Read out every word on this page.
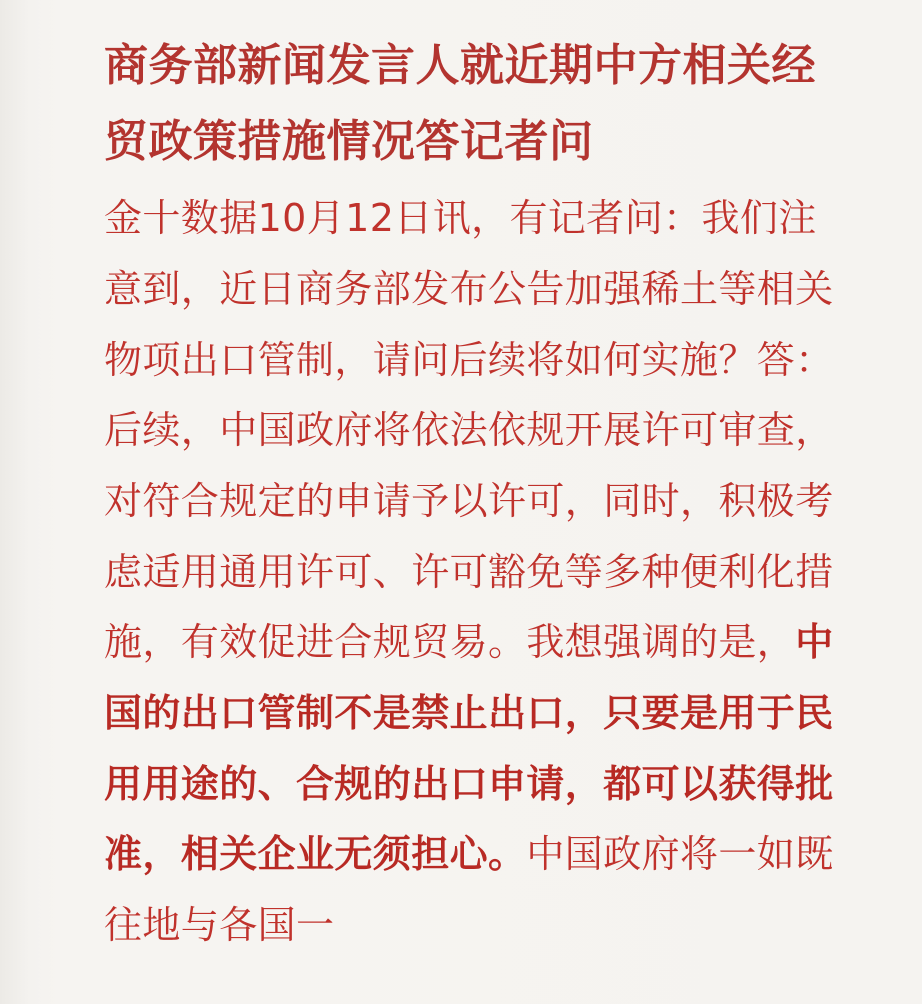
商务部新闻发言人就近期中方相关经贸政策措施情况答记者问

金十数据10月12日讯，有记者问：我们注意到，近日商务部发布公告加强稀土等相关物项出口管制，请问后续将如何实施？答：后续，中国政府将依法依规开展许可审查，对符合规定的申请予以许可，同时，积极考虑适用通用许可、许可豁免等多种便利化措施，有效促进合规贸易。我想强调的是，中国的出口管制不是禁止出口，只要是用于民用用途的、合规的出口申请，都可以获得批准，相关企业无须担心。中国政府将一如既往地与各国一
